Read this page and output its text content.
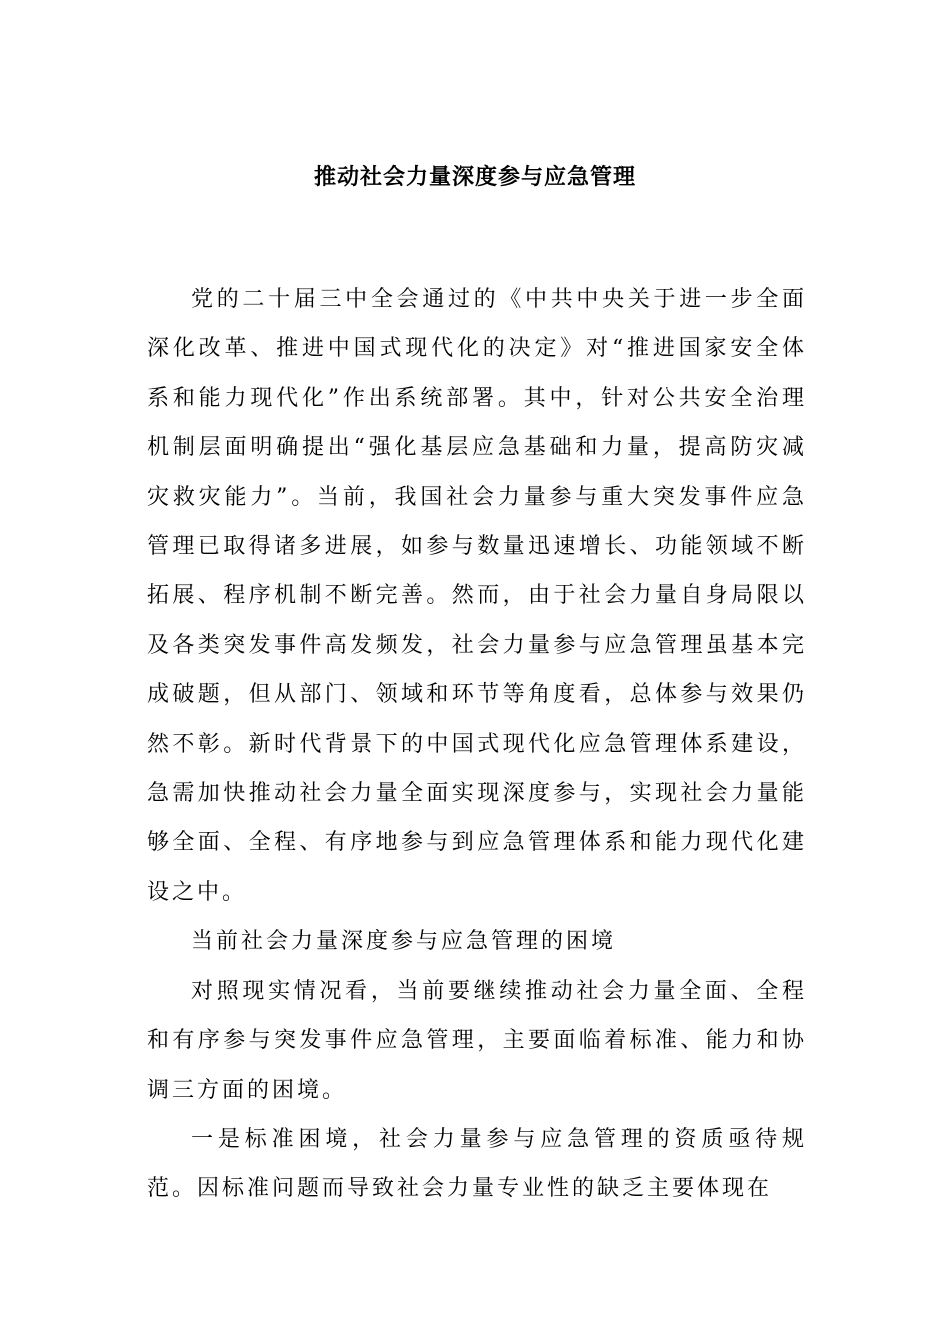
推动社会力量深度参与应急管理

党的二十届三中全会通过的《中共中央关于进一步全面深化改革、推进中国式现代化的决定》对“推进国家安全体系和能力现代化”作出系统部署。其中，针对公共安全治理机制层面明确提出“强化基层应急基础和力量，提高防灾减灾救灾能力”。当前，我国社会力量参与重大突发事件应急管理已取得诸多进展，如参与数量迅速增长、功能领域不断拓展、程序机制不断完善。然而，由于社会力量自身局限以及各类突发事件高发频发，社会力量参与应急管理虽基本完成破题，但从部门、领域和环节等角度看，总体参与效果仍然不彰。新时代背景下的中国式现代化应急管理体系建设，急需加快推动社会力量全面实现深度参与，实现社会力量能够全面、全程、有序地参与到应急管理体系和能力现代化建设之中。

当前社会力量深度参与应急管理的困境

对照现实情况看，当前要继续推动社会力量全面、全程和有序参与突发事件应急管理，主要面临着标准、能力和协调三方面的困境。

一是标准困境，社会力量参与应急管理的资质亟待规范。因标准问题而导致社会力量专业性的缺乏主要体现在
